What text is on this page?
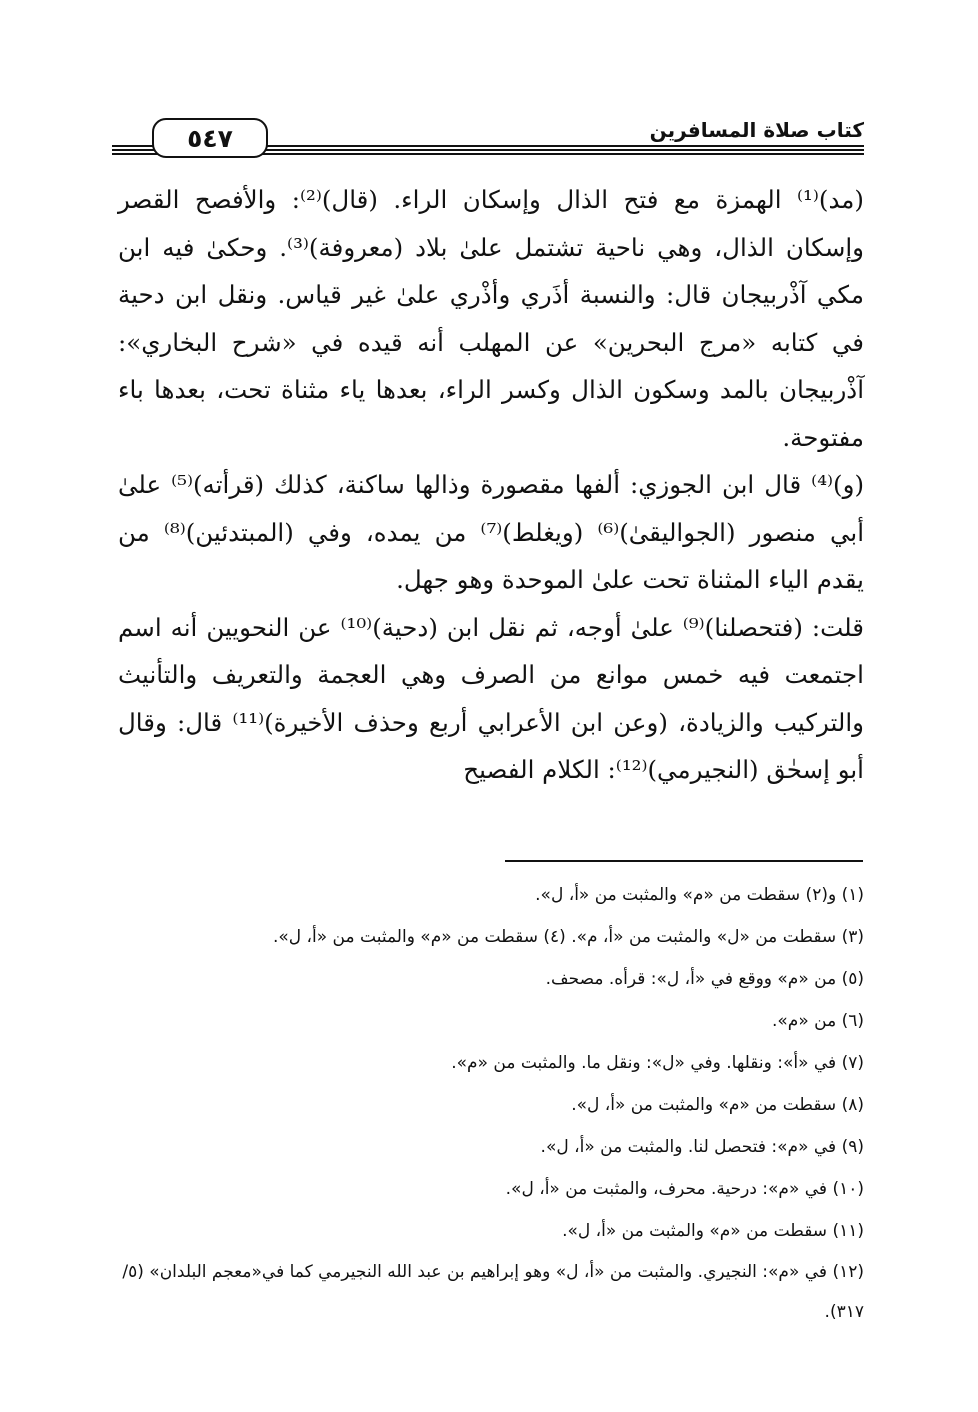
٥٤٧	كتاب صلاة المسافرين

(مد)⁽¹⁾ الهمزة مع فتح الذال وإسكان الراء. (قال)⁽²⁾: والأفصح القصر وإسكان الذال، وهي ناحية تشتمل علىٰ بلاد (معروفة)⁽³⁾. وحكىٰ فيه ابن مكي آذْربيجان قال: والنسبة أذَري وأذْري علىٰ غير قياس. ونقل ابن دحية في كتابه «مرج البحرين» عن المهلب أنه قيده في «شرح البخاري»: آذْربيجان بالمد وسكون الذال وكسر الراء، بعدها ياء مثناة تحت، بعدها باء مفتوحة.

(و)⁽⁴⁾ قال ابن الجوزي: ألفها مقصورة وذالها ساكنة، كذلك (قرأته)⁽⁵⁾ علىٰ أبي منصور (الجواليقىٰ)⁽⁶⁾ (ويغلط)⁽⁷⁾ من يمده، وفي (المبتدئين)⁽⁸⁾ من يقدم الياء المثناة تحت علىٰ الموحدة وهو جهل.

قلت: (فتحصلنا)⁽⁹⁾ علىٰ أوجه، ثم نقل ابن (دحية)⁽¹⁰⁾ عن النحويين أنه اسم اجتمعت فيه خمس موانع من الصرف وهي العجمة والتعريف والتأنيث والتركيب والزيادة، (وعن ابن الأعرابي أربع وحذف الأخيرة)⁽¹¹⁾ قال: وقال أبو إسحٰق (النجيرمي)⁽¹²⁾: الكلام الفصيح

(١) و(٢) سقطت من «م» والمثبت من «أ، ل».

(٣) سقطت من «ل» والمثبت من «أ، م». (٤) سقطت من «م» والمثبت من «أ، ل».

(٥) من «م» ووقع في «أ، ل»: قرأه. مصحف.

(٦) من «م».

(٧) في «أ»: ونقلها. وفي «ل»: ونقل ما. والمثبت من «م».

(٨) سقطت من «م» والمثبت من «أ، ل».

(٩) في «م»: فتحصل لنا. والمثبت من «أ، ل».

(١٠) في «م»: درحية. محرف، والمثبت من «أ، ل».

(١١) سقطت من «م» والمثبت من «أ، ل».

(١٢) في «م»: النجيري. والمثبت من «أ، ل» وهو إبراهيم بن عبد الله النجيرمي كما في«معجم البلدان» (٥/ ٣١٧).
